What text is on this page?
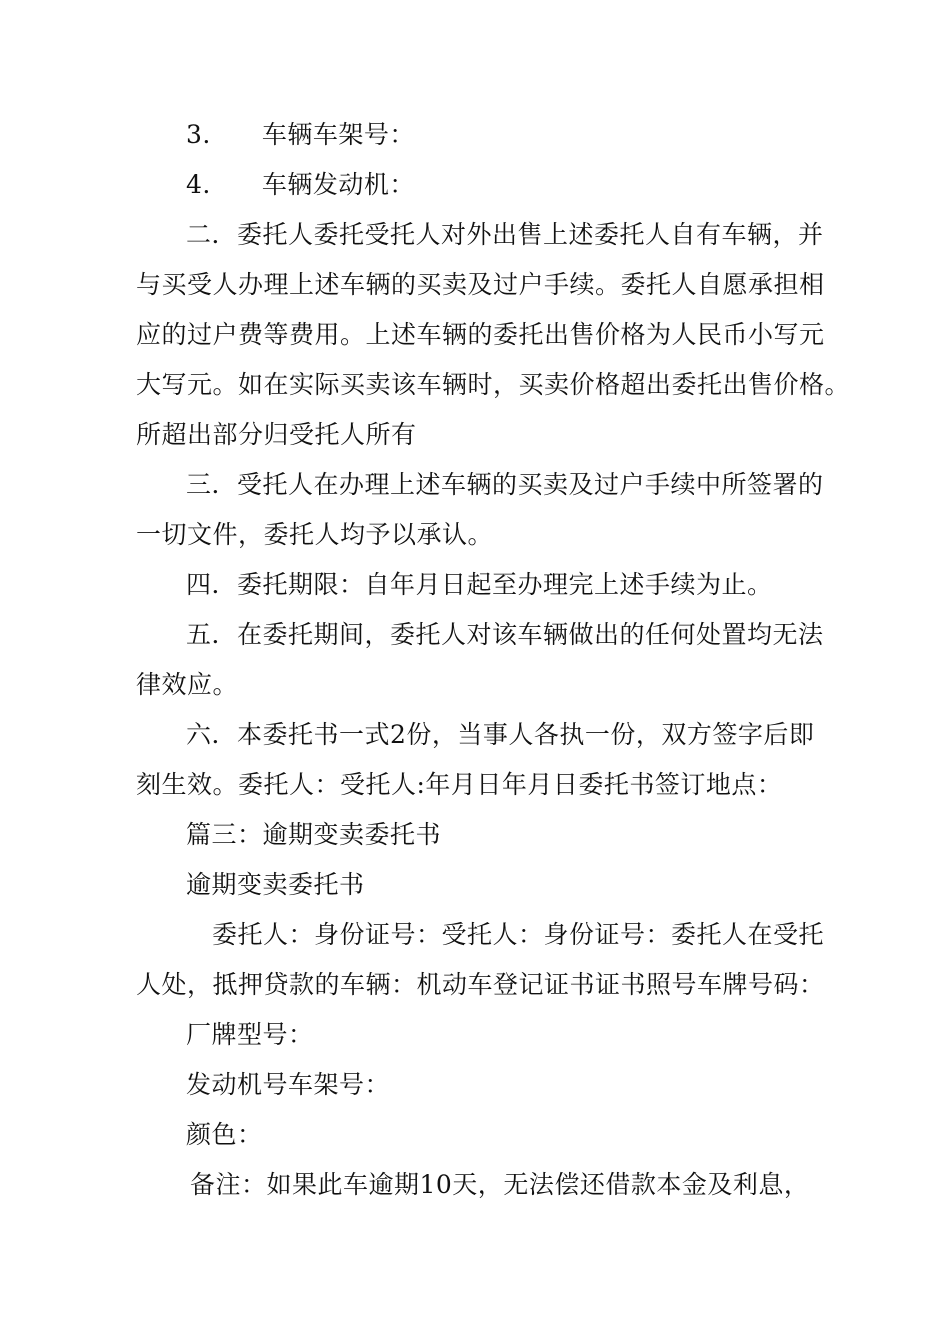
3.　　车辆车架号：
4.　　车辆发动机：
二．委托人委托受托人对外出售上述委托人自有车辆，并
与买受人办理上述车辆的买卖及过户手续。委托人自愿承担相
应的过户费等费用。上述车辆的委托出售价格为人民币小写元
大写元。如在实际买卖该车辆时，买卖价格超出委托出售价格。
所超出部分归受托人所有
三．受托人在办理上述车辆的买卖及过户手续中所签署的
一切文件，委托人均予以承认。
四．委托期限：自年月日起至办理完上述手续为止。
五．在委托期间，委托人对该车辆做出的任何处置均无法
律效应。
六．本委托书一式2份，当事人各执一份，双方签字后即
刻生效。委托人：受托人:年月日年月日委托书签订地点：
篇三：逾期变卖委托书
逾期变卖委托书
委托人：身份证号：受托人：身份证号：委托人在受托
人处，抵押贷款的车辆：机动车登记证书证书照号车牌号码：
厂牌型号：
发动机号车架号：
颜色：
备注：如果此车逾期10天，无法偿还借款本金及利息，
